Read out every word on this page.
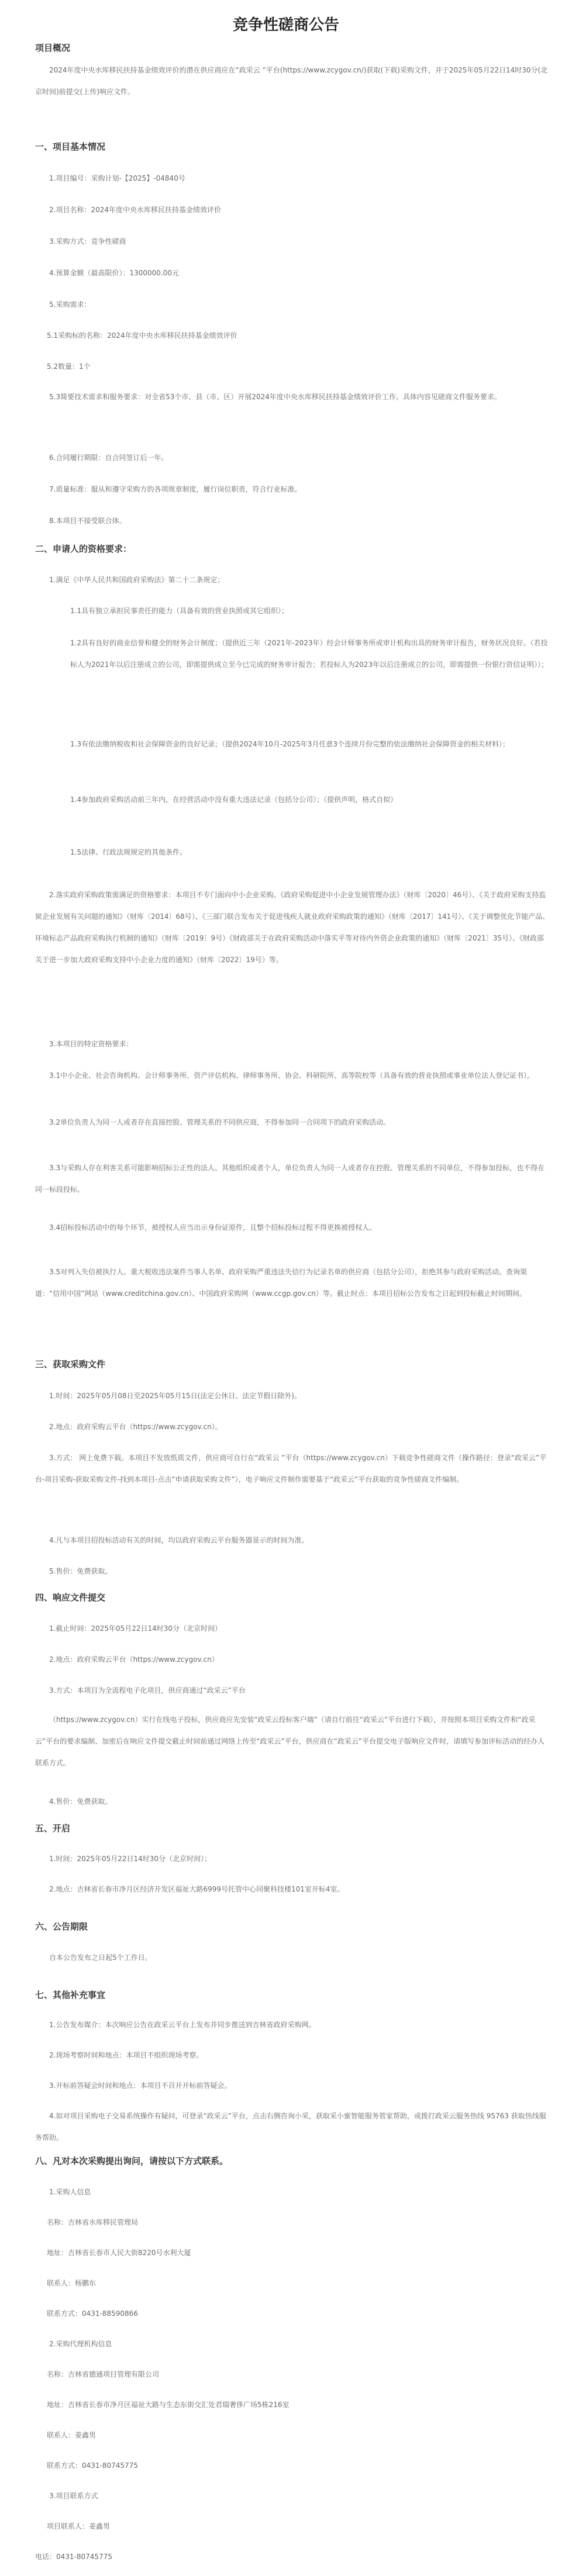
竞争性磋商公告
项目概况
2024年度中央水库移民扶持基金绩效评价的潜在供应商应在“政采云 ”平台(https://www.zcygov.cn/)获取(下载)采购文件，并于2025年05月22日14时30分(北京时间)前提交(上传)响应文件。
一、项目基本情况
1.项目编号：采购计划-【2025】-04840号
2.项目名称：2024年度中央水库移民扶持基金绩效评价
3.采购方式：竞争性磋商
4.预算金额（最高限价）：1300000.00元
5.采购需求：
5.1采购标的名称：2024年度中央水库移民扶持基金绩效评价
5.2数量：1个
5.3简要技术需求和服务要求：对全省53个市、县（市、区）开展2024年度中央水库移民扶持基金绩效评价工作。具体内容见磋商文件服务要求。
6.合同履行期限：自合同签订后一年。
7.质量标准：服从和遵守采购方的各项规章制度，履行岗位职责，符合行业标准。
8.本项目不接受联合体。
二、申请人的资格要求：
1.满足《中华人民共和国政府采购法》第二十二条规定；
1.1具有独立承担民事责任的能力（具备有效的营业执照或其它组织）；
1.2具有良好的商业信誉和健全的财务会计制度；（提供近三年（2021年-2023年）经会计师事务所或审计机构出具的财务审计报告，财务状况良好。（若投标人为2021年以后注册成立的公司，即需提供成立至今已完成的财务审计报告；若投标人为2023年以后注册成立的公司，即需提供一份银行资信证明））；
1.3有依法缴纳税收和社会保障资金的良好记录；（提供2024年10月-2025年3月任意3个连续月份完整的依法缴纳社会保障资金的相关材料）；
1.4参加政府采购活动前三年内，在经营活动中没有重大违法记录（包括分公司）；（提供声明，格式自拟）
1.5法律、行政法规规定的其他条件。
2.落实政府采购政策需满足的资格要求：本项目不专门面向中小企业采购。《政府采购促进中小企业发展管理办法》（财库〔2020〕46号）、《关于政府采购支持监狱企业发展有关问题的通知》（财库〔2014〕68号）、《三部门联合发布关于促进残疾人就业政府采购政策的通知》（财库〔2017〕141号）、《关于调整优化节能产品、环境标志产品政府采购执行机制的通知》（财库〔2019〕9号）《财政部关于在政府采购活动中落实平等对待内外资企业政策的通知》（财库〔2021〕35号）、《财政部关于进一步加大政府采购支持中小企业力度的通知》（财库〔2022〕19号）等。
3.本项目的特定资格要求：
3.1中小企业、社会咨询机构、会计师事务所、资产评估机构、律师事务所、协会、科研院所、高等院校等（具备有效的营业执照或事业单位法人登记证书）。
3.2单位负责人为同一人或者存在直接控股、管理关系的不同供应商，不得参加同一合同项下的政府采购活动。
3.3与采购人存在利害关系可能影响招标公正性的法人、其他组织或者个人，单位负责人为同一人或者存在控股、管理关系的不同单位，不得参加投标，也不得在同一标段投标。
3.4招标投标活动中的每个环节，被授权人应当出示身份证原件，且整个招标投标过程不得更换被授权人。
3.5对列入失信被执行人、重大税收违法案件当事人名单、政府采购严重违法失信行为记录名单的供应商（包括分公司），拒绝其参与政府采购活动。查询渠道：“信用中国”网站（www.creditchina.gov.cn）、中国政府采购网（www.ccgp.gov.cn）等。截止时点：本项目招标公告发布之日起到投标截止时间期间。
三、获取采购文件
1.时间：2025年05月08日至2025年05月15日(法定公休日、法定节假日除外)。
2.地点：政府采购云平台（https://www.zcygov.cn）。
3.方式： 网上免费下载。本项目不发放纸质文件，供应商可自行在“政采云 ”平台（https://www.zcygov.cn）下载竞争性磋商文件（操作路径：登录“政采云”平台-项目采购-获取采购文件-找到本项目-点击“申请获取采购文件”），电子响应文件制作需要基于“政采云”平台获取的竞争性磋商文件编制。
4.凡与本项目招投标活动有关的时间，均以政府采购云平台服务器显示的时间为准。
5.售价：免费获取。
四、响应文件提交
1.截止时间：2025年05月22日14时30分（北京时间）
2.地点：政府采购云平台（https://www.zcygov.cn）
3.方式：本项目为全流程电子化项目，供应商通过“政采云”平台
（https://www.zcygov.cn）实行在线电子投标，供应商应先安装“政采云投标客户端”（请自行前往“政采云”平台进行下载），并按照本项目采购文件和“政采云”平台的要求编制、加密后在响应文件提交截止时间前通过网络上传至“政采云”平台，供应商在“政采云”平台提交电子版响应文件时，请填写参加评标活动的经办人联系方式。
4.售价：免费获取。
五、开启
1.时间：2025年05月22日14时30分（北京时间）；
2.地点：吉林省长春市净月区经济开发区福祉大路6999号托管中心同聚科技楼101室开标4室。
六、公告期限
自本公告发布之日起5个工作日。
七、其他补充事宜
1.公告发布媒介：本次响应公告在政采云平台上发布并同步推送到吉林省政府采购网。
2.现场考察时间和地点：本项目不组织现场考察。
3.开标前答疑会时间和地点：本项目不召开开标前答疑会。
4.如对项目采购电子交易系统操作有疑问，可登录“政采云”平台，点击右侧咨询小采，获取采小蜜智能服务管家帮助，或拨打政采云服务热线 95763 获取热线服务帮助。
八、凡对本次采购提出询问，请按以下方式联系。
1.采购人信息
名称：吉林省水库移民管理局
地址：吉林省长春市人民大街8220号水利大厦
联系人：杨鹏东
联系方式：0431-88590866
2.采购代理机构信息
名称：吉林省德通项目管理有限公司
地址：吉林省长春市净月区福祉大路与生态东街交汇处君瑞奢侈广场5栋216室
联系人：姜鑫男
联系方式：0431-80745775
3.项目联系方式
项目联系人：姜鑫男
电话：0431-80745775
